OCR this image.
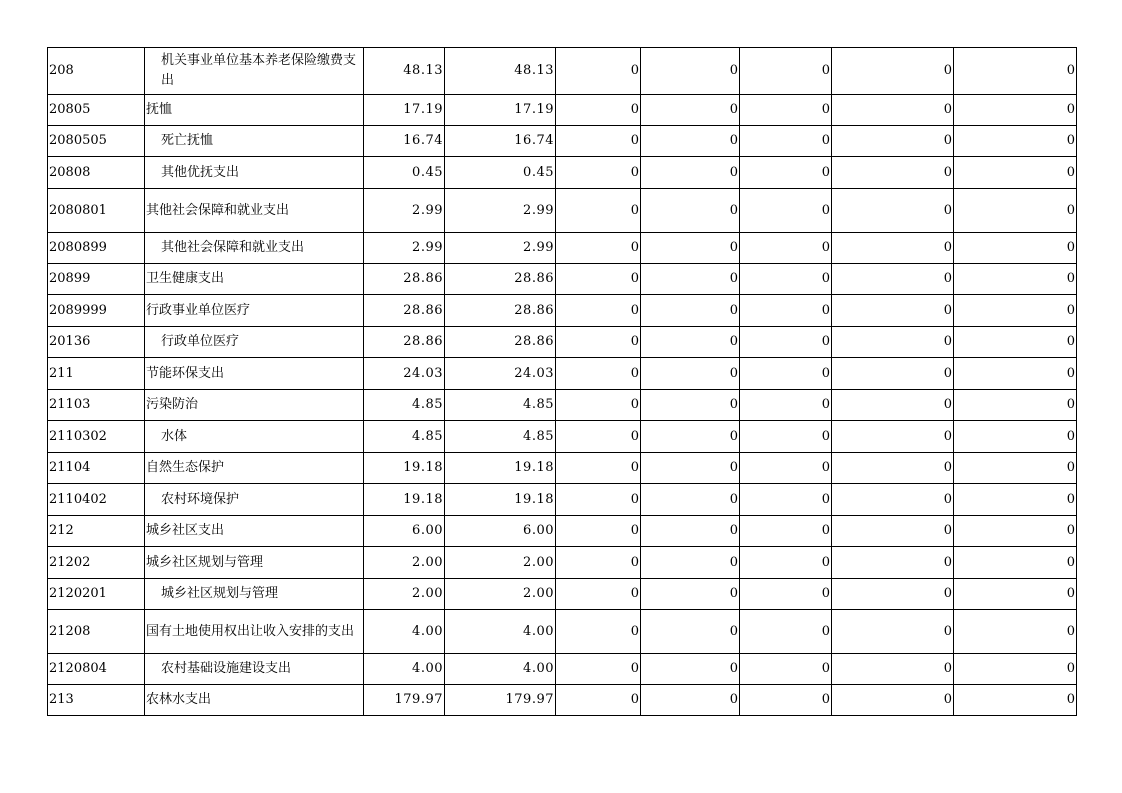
208	机关事业单位基本养老保险缴费支出	48.13	48.13	0	0	0	0	0
20805	抚恤	17.19	17.19	0	0	0	0	0
2080505	死亡抚恤	16.74	16.74	0	0	0	0	0
20808	其他优抚支出	0.45	0.45	0	0	0	0	0
2080801	其他社会保障和就业支出	2.99	2.99	0	0	0	0	0
2080899	其他社会保障和就业支出	2.99	2.99	0	0	0	0	0
20899	卫生健康支出	28.86	28.86	0	0	0	0	0
2089999	行政事业单位医疗	28.86	28.86	0	0	0	0	0
20136	行政单位医疗	28.86	28.86	0	0	0	0	0
211	节能环保支出	24.03	24.03	0	0	0	0	0
21103	污染防治	4.85	4.85	0	0	0	0	0
2110302	水体	4.85	4.85	0	0	0	0	0
21104	自然生态保护	19.18	19.18	0	0	0	0	0
2110402	农村环境保护	19.18	19.18	0	0	0	0	0
212	城乡社区支出	6.00	6.00	0	0	0	0	0
21202	城乡社区规划与管理	2.00	2.00	0	0	0	0	0
2120201	城乡社区规划与管理	2.00	2.00	0	0	0	0	0
21208	国有土地使用权出让收入安排的支出	4.00	4.00	0	0	0	0	0
2120804	农村基础设施建设支出	4.00	4.00	0	0	0	0	0
213	农林水支出	179.97	179.97	0	0	0	0	0
